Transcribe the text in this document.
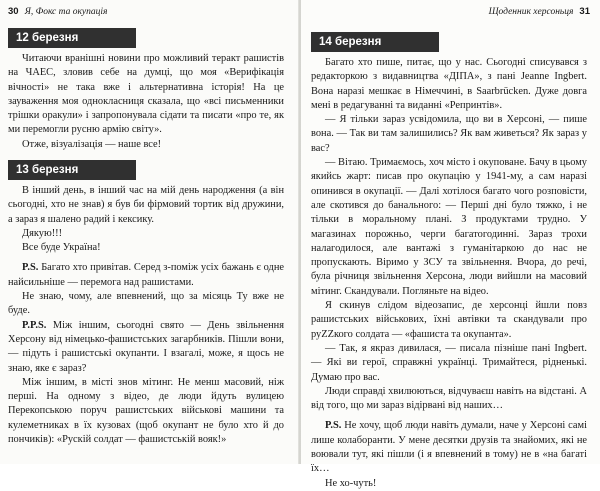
30 Я, Фокс та окупація
12 березня

Читаючи вранішні новини про можливий теракт рашистів на ЧАЕС, зловив себе на думці, що моя «Верифікація вічності» не така вже і альтернативна історія! На це зауваження моя однокласниця сказала, що «всі письменники трішки оракули» і запропонувала сідати та писати «про те, як ми перемогли русню армію світу».

Отже, візуалізація — наше все!

13 березня

В інший день, в інший час на мій день народження (а він сьогодні, хто не знав) я був би фірмовий тортик від дружини, а зараз я шалено радий і кексику.

Дякую!!!

Все буде Україна!

P.S. Багато хто привітав. Серед з-поміж усіх бажань є одне найсильніше — перемога над рашистами.

Не знаю, чому, але впевнений, що за місяць Ту вже не буде.

P.P.S. Між іншим, сьогодні свято — День звільнення Херсону від німецько-фашистських загарбників. Пішли вони, — підуть і рашистські окупанти. І взагалі, може, я щось не знаю, яке є зараз?

Між іншим, в місті знов мітинг. Не менш масовий, ніж перші. На одному з відео, де люди йдуть вулицею Перекопською поруч рашистських військові машини та кулеметниках в їх кузовах (щоб окупант не було хто й до пончиків): «Рускій солдат — фашистській вояк!»

Щоденник херсоньця 31
14 березня

Багато хто пише, питає, що у нас. Сьогодні списувався з редакторкою з видавництва «ДІПА», з пані Jeanne Ingbert. Вона наразі мешкає в Німеччині, в Saarbrücken. Дуже довга мені в редагуванні та виданні «Репринтів».

— Я тільки зараз усвідомила, що ви в Херсоні, — пише вона. — Так ви там залишились? Як вам живеться? Як зараз у вас?

— Вітаю. Тримаємось, хоч місто і окуповане. Бачу в цьому якийсь жарт: писав про окупацію у 1941-му, а сам наразі опинився в окупації. — Далі хотілося багато чого розповісти, але скотився до банального: — Перші дні було тяжко, і не тільки в моральному плані. З продуктами трудно. У магазинах порожньо, черги багатогодинні. Зараз трохи налагодилося, але вантажі з гуманітаркою до нас не пропускають. Віримо у ЗСУ та звільнення. Вчора, до речі, була річниця звільнення Херсона, люди вийшли на масовий мітинг. Скандували. Погляньте на відео.

Я скинув слідом відеозапис, де херсонці йшли повз рашистських військових, їхні автівки та скандували про руZZкого солдата — «фашиста та окупанта».

— Так, я якраз дивилася, — писала пізніше пані Ingbert. — Які ви герої, справжні українці. Тримайтеся, рідненькі. Думаю про вас.

Люди справді хвилюються, відчуваєш навіть на відстані. А від того, що ми зараз відірвані від наших…

P.S. Не хочу, щоб люди навіть думали, наче у Херсоні самі лише колаборанти. У мене десятки друзів та знайомих, які не воювали тут, які пішли (і я впевнений в тому) не в «на багаті їх…

Не хо-чуть!
